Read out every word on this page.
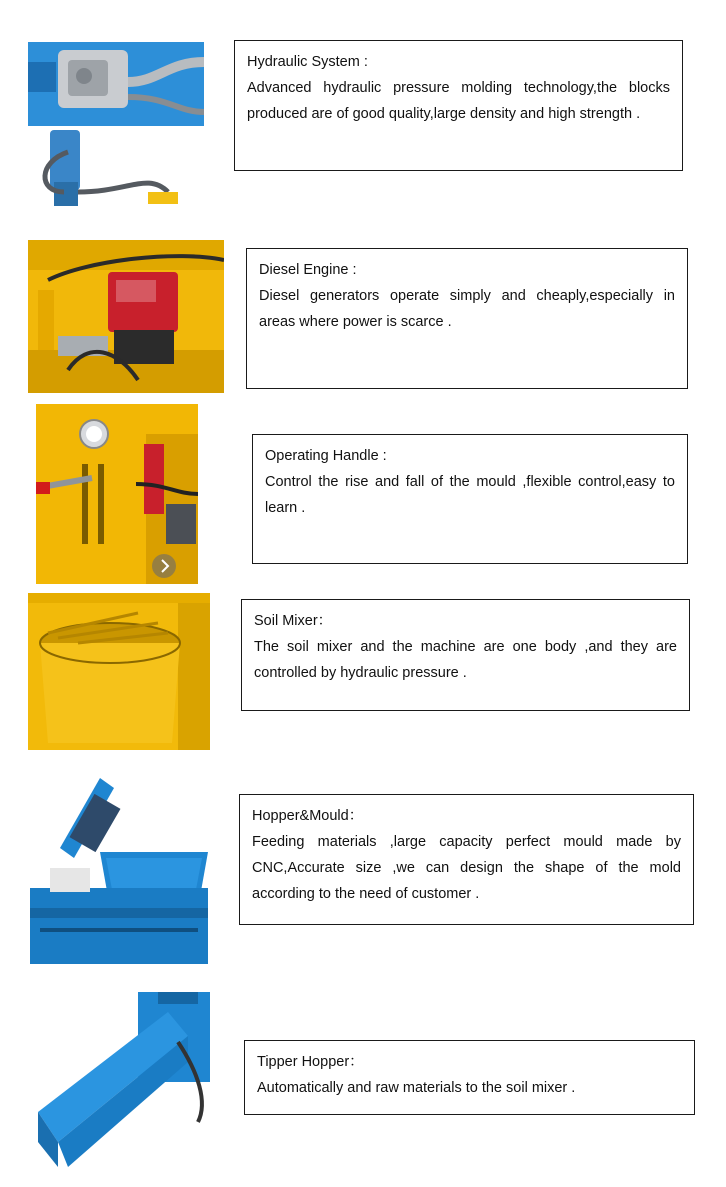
Hydraulic System :
Advanced hydraulic pressure molding technology,the blocks produced are of good quality,large density and high strength .
Diesel Engine :
Diesel generators operate simply and cheaply,especially in areas where power is scarce .
Operating Handle :
Control the rise and fall of the mould ,flexible control,easy to learn .
Soil Mixer：
The soil mixer and the machine are one body ,and they are controlled by hydraulic pressure .
Hopper&Mould：
Feeding materials ,large capacity perfect mould made by CNC,Accurate size ,we can design the shape of the mold according to the need of customer .
Tipper Hopper：
Automatically and raw materials to the soil mixer .
